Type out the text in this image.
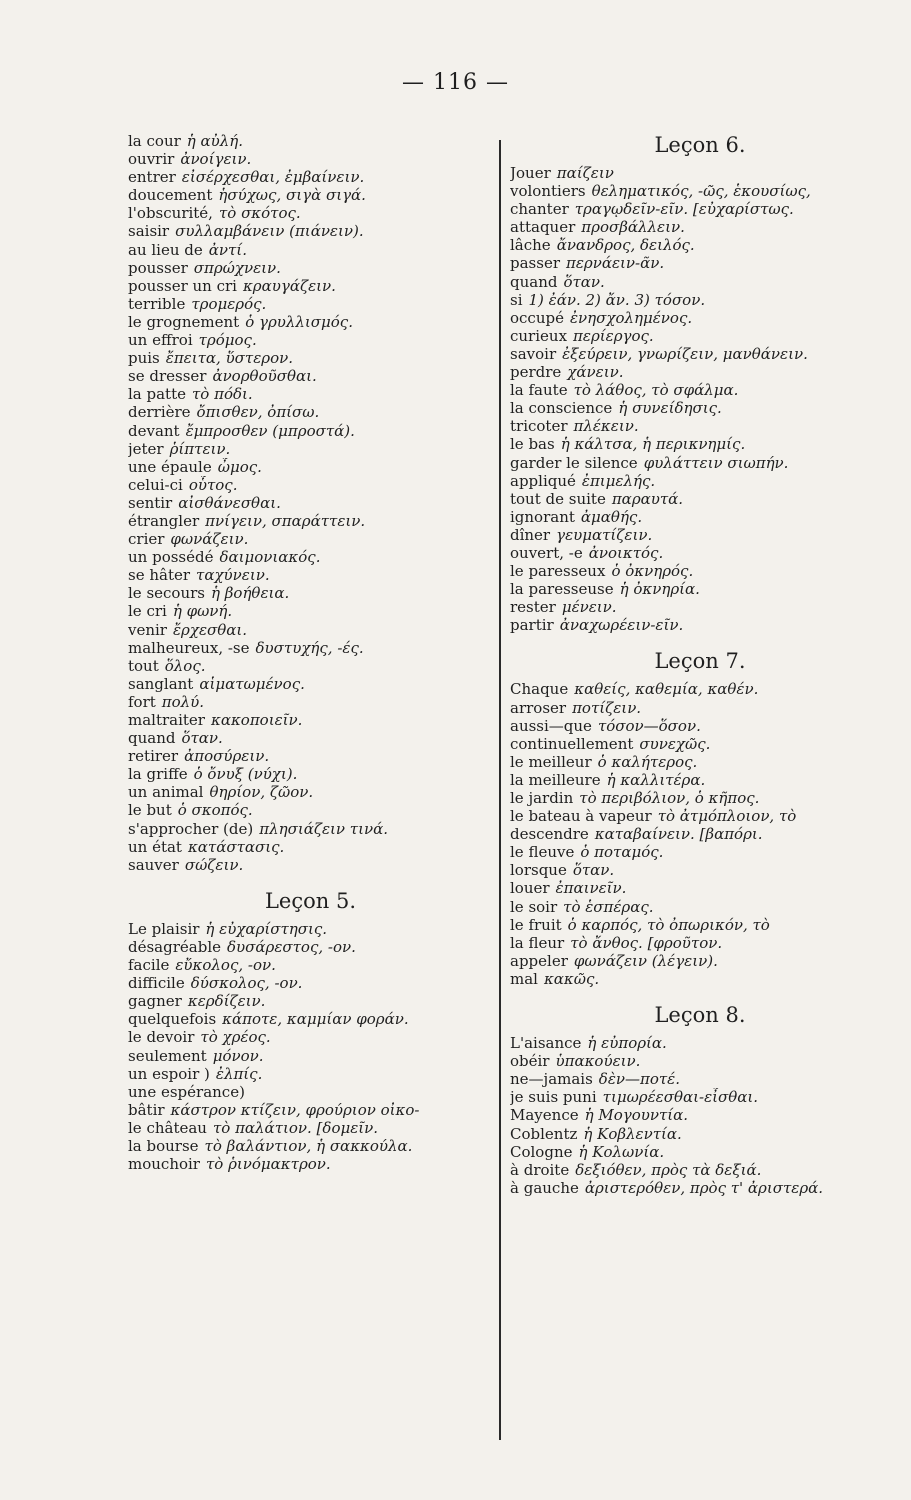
— 116 —
la cour ἡ αὐλή.
ouvrir ἀνοίγειν.
entrer εἰσέρχεσθαι, ἐμβαίνειν.
doucement ἡσύχως, σιγὰ σιγά.
l'obscurité, τὸ σκότος.
saisir συλλαμβάνειν (πιάνειν).
au lieu de ἀντί.
pousser σπρώχνειν.
pousser un cri κραυγάζειν.
terrible τρομερός.
le grognement ὁ γρυλλισμός.
un effroi τρόμος.
puis ἔπειτα, ὕστερον.
se dresser ἀνορθοῦσθαι.
la patte τὸ πόδι.
derrière ὄπισθεν, ὀπίσω.
devant ἔμπροσθεν (μπροστά).
jeter ῥίπτειν.
une épaule ὦμος.
celui-ci οὗτος.
sentir αἰσθάνεσθαι.
étrangler πνίγειν, σπαράττειν.
crier φωνάζειν.
un possédé δαιμονιακός.
se hâter ταχύνειν.
le secours ἡ βοήθεια.
le cri ἡ φωνή.
venir ἔρχεσθαι.
malheureux, -se δυστυχής, -ές.
tout ὅλος.
sanglant αἱματωμένος.
fort πολύ.
maltraiter κακοποιεῖν.
quand ὅταν.
retirer ἀποσύρειν.
la griffe ὁ ὄνυξ (νύχι).
un animal θηρίον, ζῶον.
le but ὁ σκοπός.
s'approcher (de) πλησιάζειν τινά.
un état κατάστασις.
sauver σώζειν.
Leçon 5.
Le plaisir ἡ εὐχαρίστησις.
désagréable δυσάρεστος, -ον.
facile εὔκολος, -ον.
difficile δύσκολος, -ον.
gagner κερδίζειν.
quelquefois κάποτε, καμμίαν φοράν.
le devoir τὸ χρέος.
seulement μόνον.
un espoir ) ἐλπίς.
une espérance)
bâtir κάστρον κτίζειν, φρούριον οἰκο-
le château τὸ παλάτιον. [δομεῖν.
la bourse τὸ βαλάντιον, ἡ σακκούλα.
mouchoir τὸ ῥινόμακτρον.
Leçon 6.
Jouer παίζειν
volontiers θεληματικός, -ῶς, ἑκουσίως,
chanter τραγῳδεῖν-εῖν. [εὐχαρίστως.
attaquer προσβάλλειν.
lâche ἄνανδρος, δειλός.
passer περνάειν-ᾶν.
quand ὅταν.
si 1) ἐάν. 2) ἄν. 3) τόσον.
occupé ἐνησχολημένος.
curieux περίεργος.
savoir ἐξεύρειν, γνωρίζειν, μανθάνειν.
perdre χάνειν.
la faute τὸ λάθος, τὸ σφάλμα.
la conscience ἡ συνείδησις.
tricoter πλέκειν.
le bas ἡ κάλτσα, ἡ περικνημίς.
garder le silence φυλάττειν σιωπήν.
appliqué ἐπιμελής.
tout de suite παραυτά.
ignorant ἀμαθής.
dîner γευματίζειν.
ouvert, -e ἀνοικτός.
le paresseux ὁ ὀκνηρός.
la paresseuse ἡ ὀκνηρία.
rester μένειν.
partir ἀναχωρέειν-εῖν.
Leçon 7.
Chaque καθείς, καθεμία, καθέν.
arroser ποτίζειν.
aussi—que τόσον—ὅσον.
continuellement συνεχῶς.
le meilleur ὁ καλήτερος.
la meilleure ἡ καλλιτέρα.
le jardin τὸ περιβόλιον, ὁ κῆπος.
le bateau à vapeur τὸ ἀτμόπλοιον, τὸ
descendre καταβαίνειν. [βαπόρι.
le fleuve ὁ ποταμός.
lorsque ὅταν.
louer ἐπαινεῖν.
le soir τὸ ἑσπέρας.
le fruit ὁ καρπός, τὸ ὀπωρικόν, τὸ
la fleur τὸ ἄνθος. [φροῦτον.
appeler φωνάζειν (λέγειν).
mal κακῶς.
Leçon 8.
L'aisance ἡ εὐπορία.
obéir ὑπακούειν.
ne—jamais δὲν—ποτέ.
je suis puni τιμωρέεσθαι-εἶσθαι.
Mayence ἡ Μογουντία.
Coblentz ἡ Κοβλεντία.
Cologne ἡ Κολωνία.
à droite δεξιόθεν, πρὸς τὰ δεξιά.
à gauche ἀριστερόθεν, πρὸς τ' ἀριστερά.
